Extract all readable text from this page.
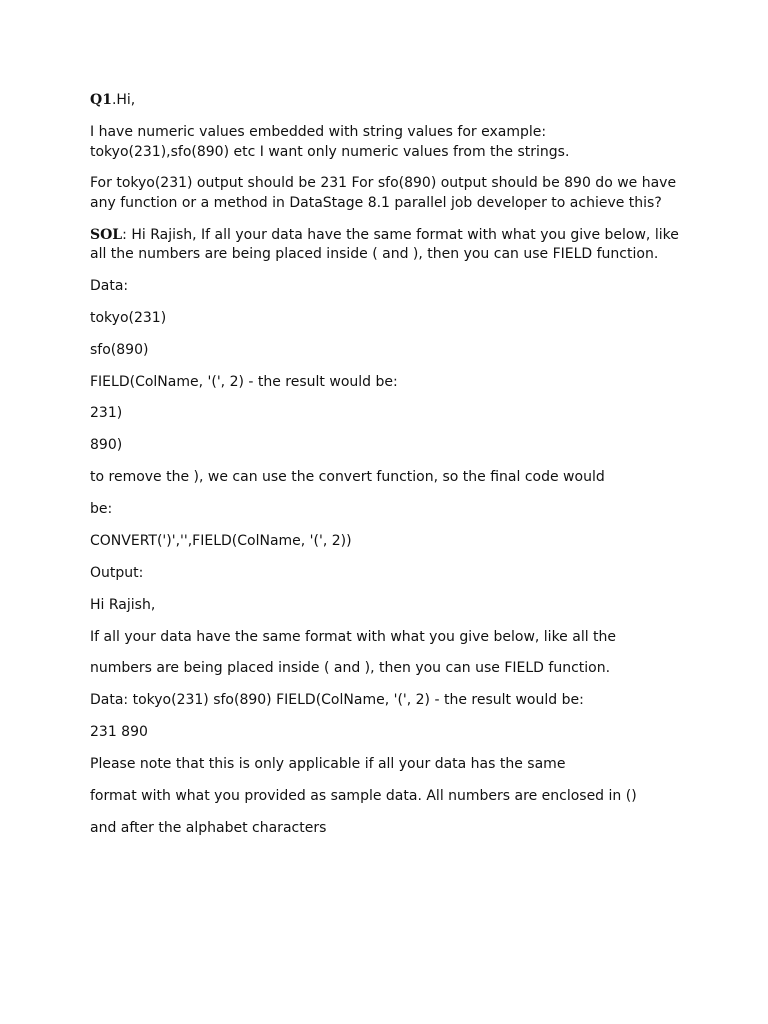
Q1.Hi,
I have numeric values embedded with string values for example:
tokyo(231),sfo(890) etc I want only numeric values from the strings.
For tokyo(231) output should be 231 For sfo(890) output should be 890 do we have
any function or a method in DataStage 8.1 parallel job developer to achieve this?
SOL: Hi Rajish, If all your data have the same format with what you give below, like
all the numbers are being placed inside ( and ), then you can use FIELD function.
Data:
tokyo(231)
sfo(890)
FIELD(ColName, '(', 2) - the result would be:
231)
890)
to remove the ), we can use the convert function, so the final code would
be:
CONVERT(')','',FIELD(ColName, '(', 2))
Output:
Hi Rajish,
If all your data have the same format with what you give below, like all the
numbers are being placed inside ( and ), then you can use FIELD function.
Data: tokyo(231) sfo(890) FIELD(ColName, '(', 2) - the result would be:
231 890
Please note that this is only applicable if all your data has the same
format with what you provided as sample data. All numbers are enclosed in ()
and after the alphabet characters
